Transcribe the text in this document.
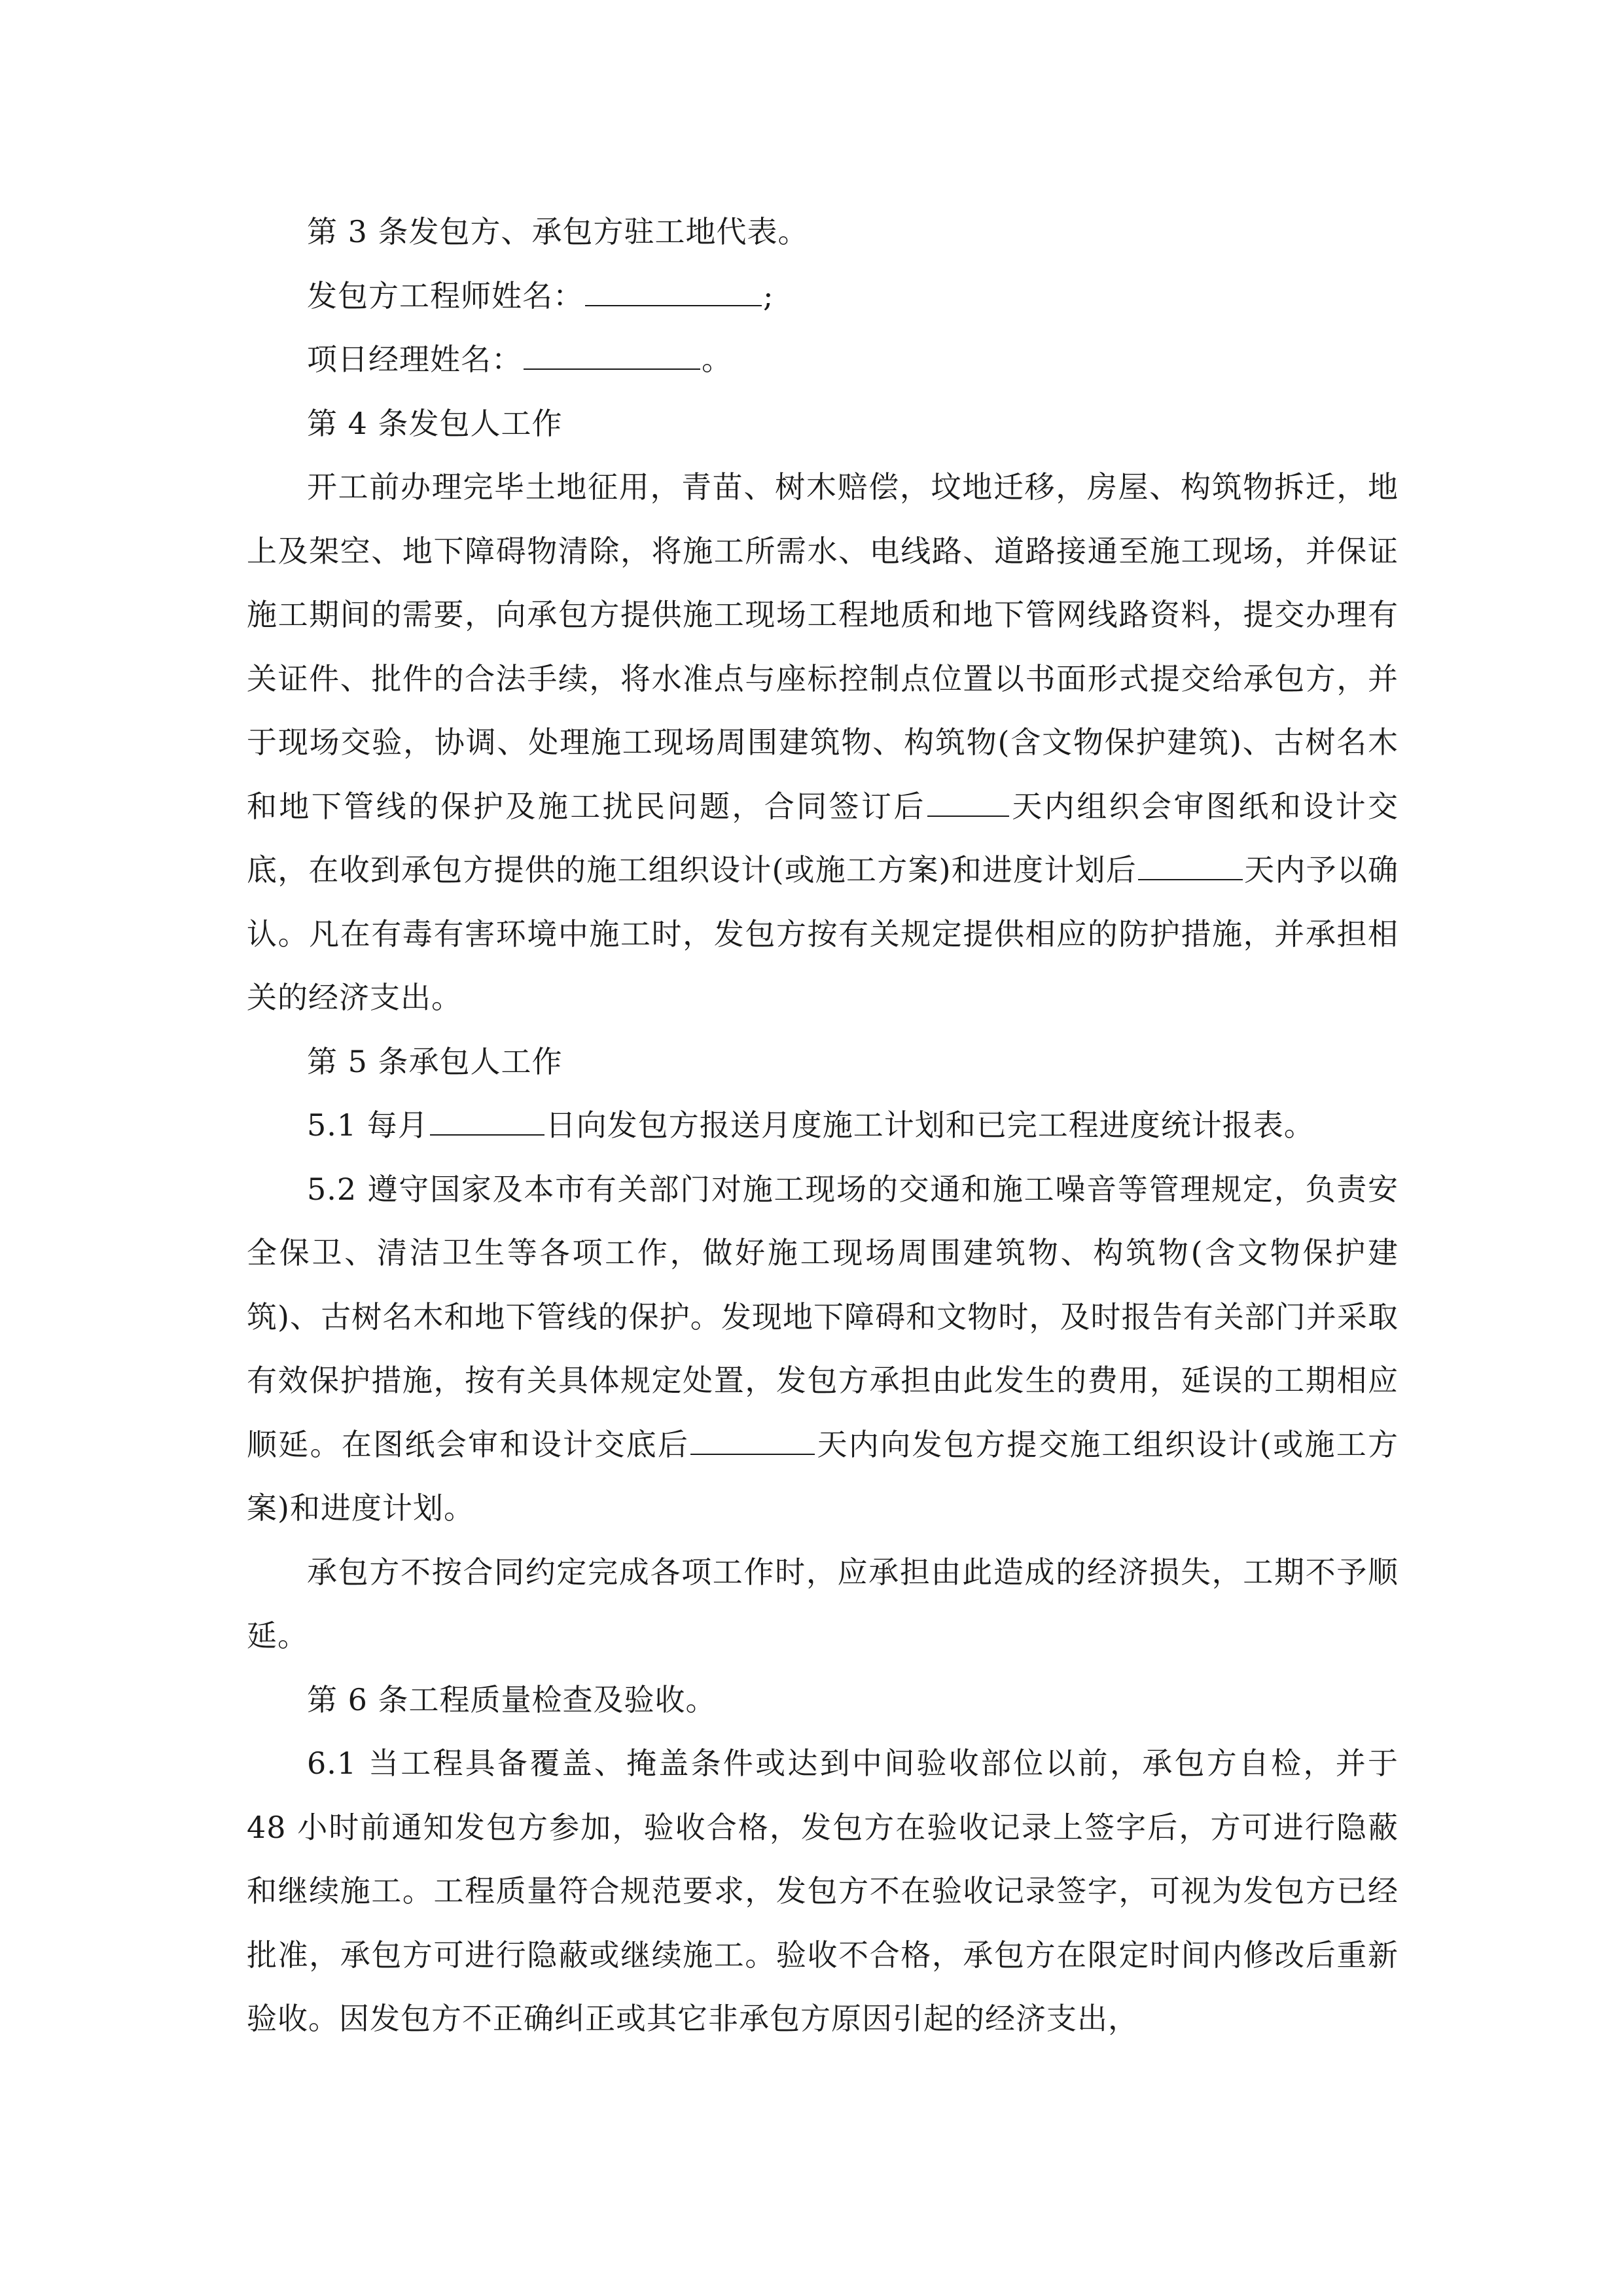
第 3 条发包方、承包方驻工地代表。

发包方工程师姓名：	;

项日经理姓名：	。

第 4 条发包人工作

开工前办理完毕土地征用，青苗、树木赔偿，坟地迁移，房屋、构筑物拆迁，地上及架空、地下障碍物清除，将施工所需水、电线路、道路接通至施工现场，并保证施工期间的需要，向承包方提供施工现场工程地质和地下管网线路资料，提交办理有关证件、批件的合法手续，将水准点与座标控制点位置以书面形式提交给承包方，并于现场交验，协调、处理施工现场周围建筑物、构筑物(含文物保护建筑)、古树名木和地下管线的保护及施工扰民问题，合同签订后	天内组织会审图纸和设计交底，在收到承包方提供的施工组织设计(或施工方案)和进度计划后	天内予以确认。凡在有毒有害环境中施工时，发包方按有关规定提供相应的防护措施，并承担相关的经济支出。

第 5 条承包人工作

5.1 每月	日向发包方报送月度施工计划和已完工程进度统计报表。

5.2 遵守国家及本市有关部门对施工现场的交通和施工噪音等管理规定，负责安全保卫、清洁卫生等各项工作，做好施工现场周围建筑物、构筑物(含文物保护建筑)、古树名木和地下管线的保护。发现地下障碍和文物时，及时报告有关部门并采取有效保护措施，按有关具体规定处置，发包方承担由此发生的费用，延误的工期相应顺延。在图纸会审和设计交底后	天内向发包方提交施工组织设计(或施工方案)和进度计划。

承包方不按合同约定完成各项工作时，应承担由此造成的经济损失，工期不予顺延。

第 6 条工程质量检查及验收。

6.1 当工程具备覆盖、掩盖条件或达到中间验收部位以前，承包方自检，并于 48 小时前通知发包方参加，验收合格，发包方在验收记录上签字后，方可进行隐蔽和继续施工。工程质量符合规范要求，发包方不在验收记录签字，可视为发包方已经批准，承包方可进行隐蔽或继续施工。验收不合格，承包方在限定时间内修改后重新验收。因发包方不正确纠正或其它非承包方原因引起的经济支出，
